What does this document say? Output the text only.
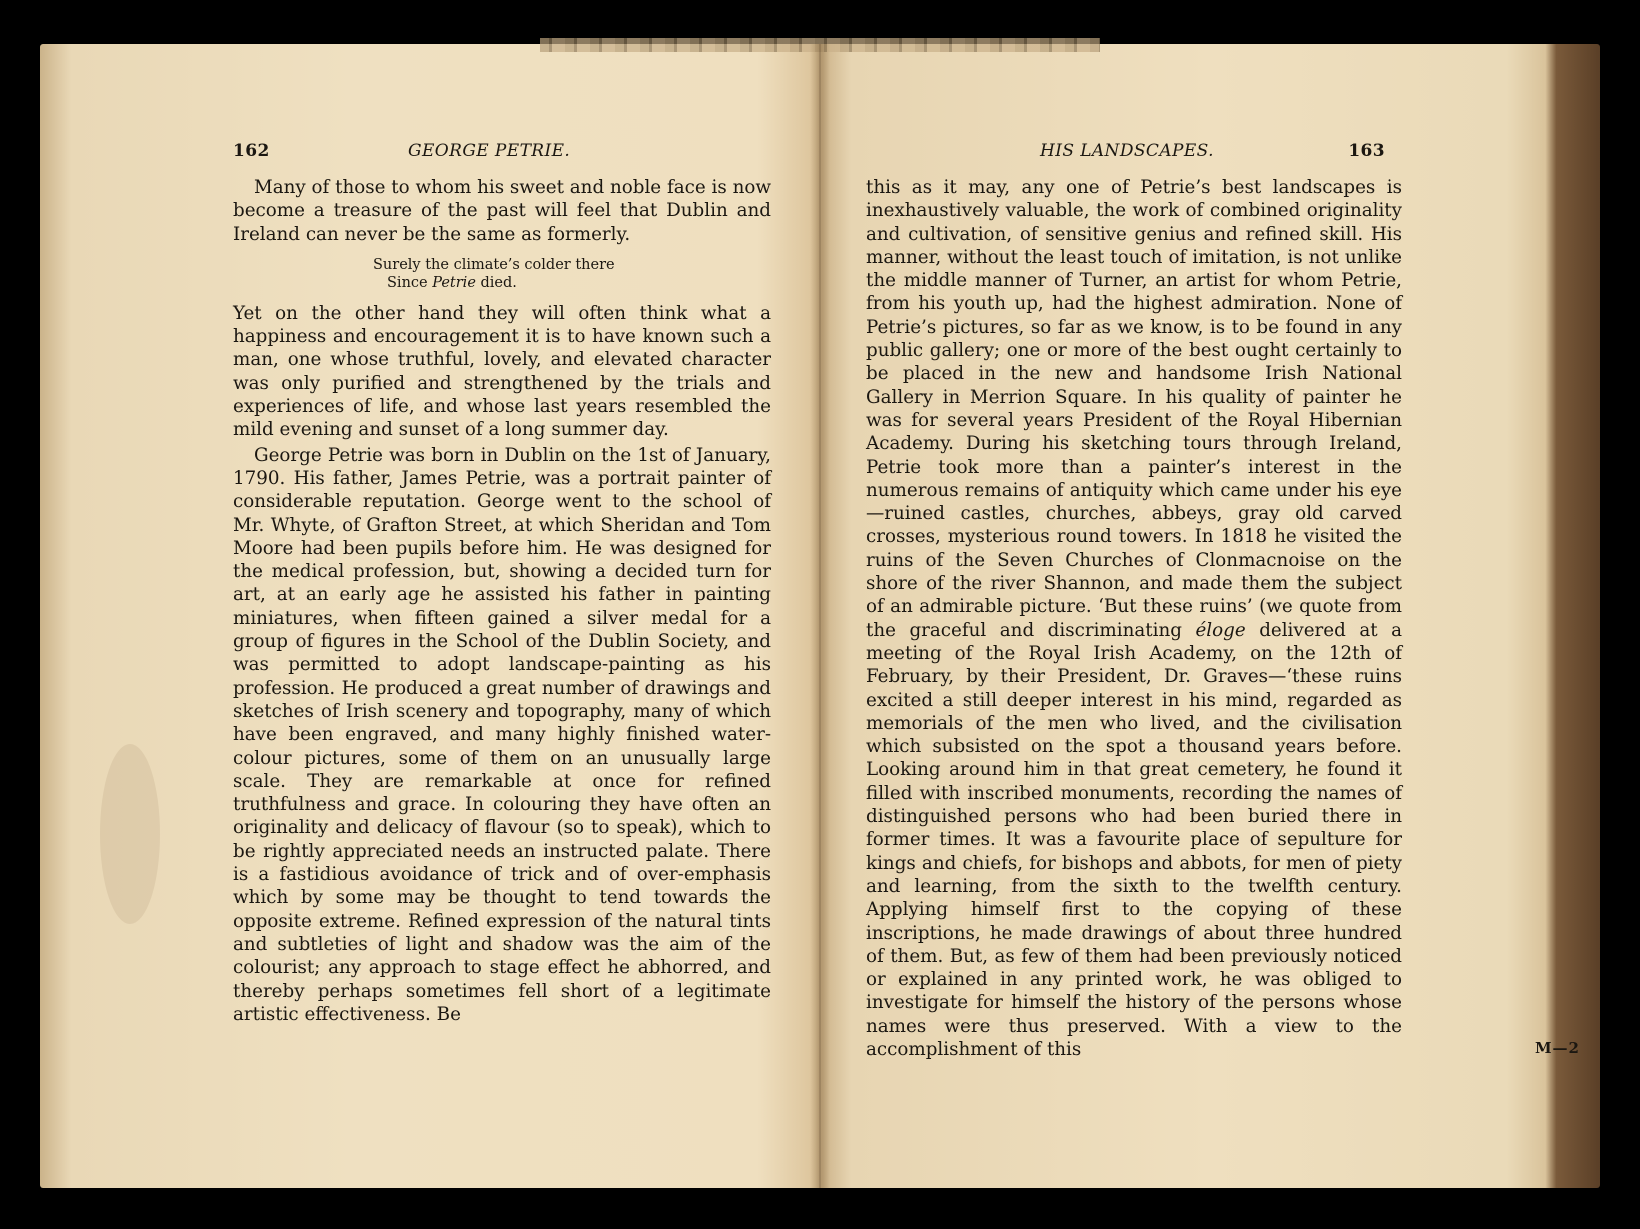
162	GEORGE PETRIE.

Many of those to whom his sweet and noble face is now become a treasure of the past will feel that Dublin and Ireland can never be the same as formerly.

Surely the climate’s colder there
Since Petrie died.

Yet on the other hand they will often think what a happiness and encouragement it is to have known such a man, one whose truthful, lovely, and elevated character was only purified and strengthened by the trials and experiences of life, and whose last years resembled the mild evening and sunset of a long summer day.

George Petrie was born in Dublin on the 1st of January, 1790. His father, James Petrie, was a portrait painter of considerable reputation. George went to the school of Mr. Whyte, of Grafton Street, at which Sheridan and Tom Moore had been pupils before him. He was designed for the medical profession, but, showing a decided turn for art, at an early age he assisted his father in painting miniatures, when fifteen gained a silver medal for a group of figures in the School of the Dublin Society, and was permitted to adopt landscape-painting as his profession. He produced a great number of drawings and sketches of Irish scenery and topography, many of which have been engraved, and many highly finished water-colour pictures, some of them on an unusually large scale. They are remarkable at once for refined truthfulness and grace. In colouring they have often an originality and delicacy of flavour (so to speak), which to be rightly appreciated needs an instructed palate. There is a fastidious avoidance of trick and of over-emphasis which by some may be thought to tend towards the opposite extreme. Refined expression of the natural tints and subtleties of light and shadow was the aim of the colourist; any approach to stage effect he abhorred, and thereby perhaps sometimes fell short of a legitimate artistic effectiveness. Be

HIS LANDSCAPES.	163

this as it may, any one of Petrie’s best landscapes is inexhaustively valuable, the work of combined originality and cultivation, of sensitive genius and refined skill. His manner, without the least touch of imitation, is not unlike the middle manner of Turner, an artist for whom Petrie, from his youth up, had the highest admiration. None of Petrie’s pictures, so far as we know, is to be found in any public gallery; one or more of the best ought certainly to be placed in the new and handsome Irish National Gallery in Merrion Square. In his quality of painter he was for several years President of the Royal Hibernian Academy. During his sketching tours through Ireland, Petrie took more than a painter’s interest in the numerous remains of antiquity which came under his eye—ruined castles, churches, abbeys, gray old carved crosses, mysterious round towers. In 1818 he visited the ruins of the Seven Churches of Clonmacnoise on the shore of the river Shannon, and made them the subject of an admirable picture. ‘But these ruins’ (we quote from the graceful and discriminating éloge delivered at a meeting of the Royal Irish Academy, on the 12th of February, by their President, Dr. Graves—‘these ruins excited a still deeper interest in his mind, regarded as memorials of the men who lived, and the civilisation which subsisted on the spot a thousand years before. Looking around him in that great cemetery, he found it filled with inscribed monuments, recording the names of distinguished persons who had been buried there in former times. It was a favourite place of sepulture for kings and chiefs, for bishops and abbots, for men of piety and learning, from the sixth to the twelfth century. Applying himself first to the copying of these inscriptions, he made drawings of about three hundred of them. But, as few of them had been previously noticed or explained in any printed work, he was obliged to investigate for himself the history of the persons whose names were thus preserved. With a view to the accomplishment of this	M—2
